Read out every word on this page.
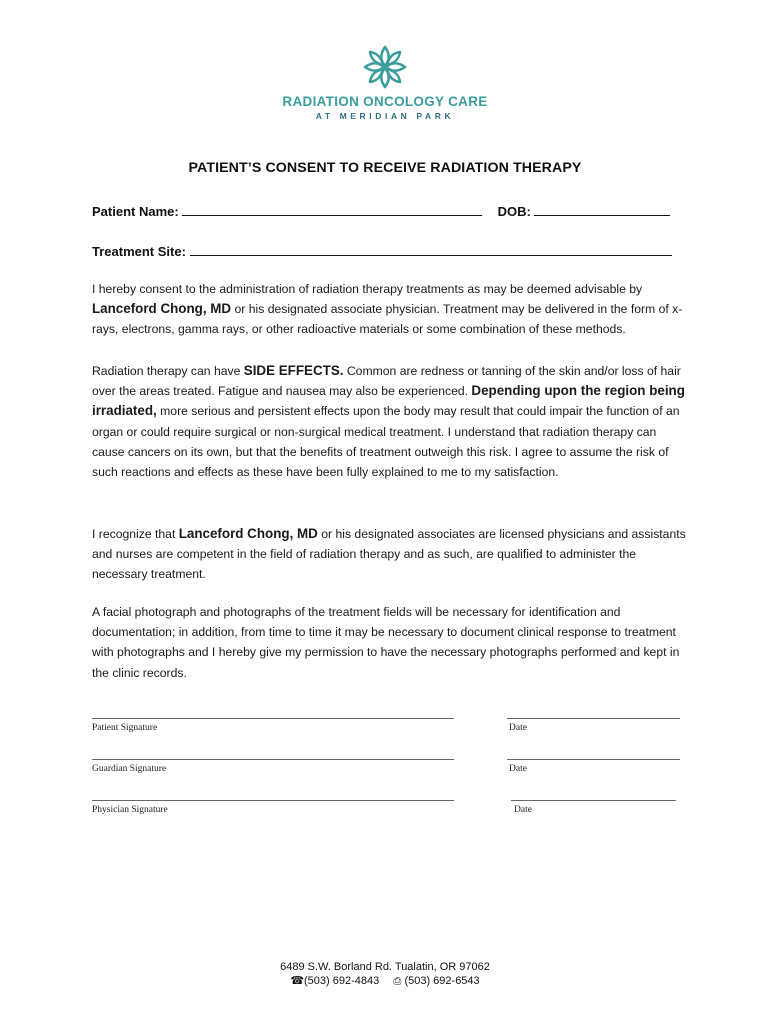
RADIATION ONCOLOGY CARE
AT MERIDIAN PARK
PATIENT’S CONSENT TO RECEIVE RADIATION THERAPY
Patient Name:	DOB:
Treatment Site:
I hereby consent to the administration of radiation therapy treatments as may be deemed advisable by Lanceford Chong, MD or his designated associate physician. Treatment may be delivered in the form of x-rays, electrons, gamma rays, or other radioactive materials or some combination of these methods.
Radiation therapy can have SIDE EFFECTS. Common are redness or tanning of the skin and/or loss of hair over the areas treated. Fatigue and nausea may also be experienced. Depending upon the region being irradiated, more serious and persistent effects upon the body may result that could impair the function of an organ or could require surgical or non-surgical medical treatment. I understand that radiation therapy can cause cancers on its own, but that the benefits of treatment outweigh this risk. I agree to assume the risk of such reactions and effects as these have been fully explained to me to my satisfaction.
I recognize that Lanceford Chong, MD or his designated associates are licensed physicians and assistants and nurses are competent in the field of radiation therapy and as such, are qualified to administer the necessary treatment.
A facial photograph and photographs of the treatment fields will be necessary for identification and documentation; in addition, from time to time it may be necessary to document clinical response to treatment with photographs and I hereby give my permission to have the necessary photographs performed and kept in the clinic records.
Patient Signature	Date
Guardian Signature	Date
Physician Signature	Date
6489 S.W. Borland Rd. Tualatin, OR 97062
☎(503) 692-4843 ⎙ (503) 692-6543
